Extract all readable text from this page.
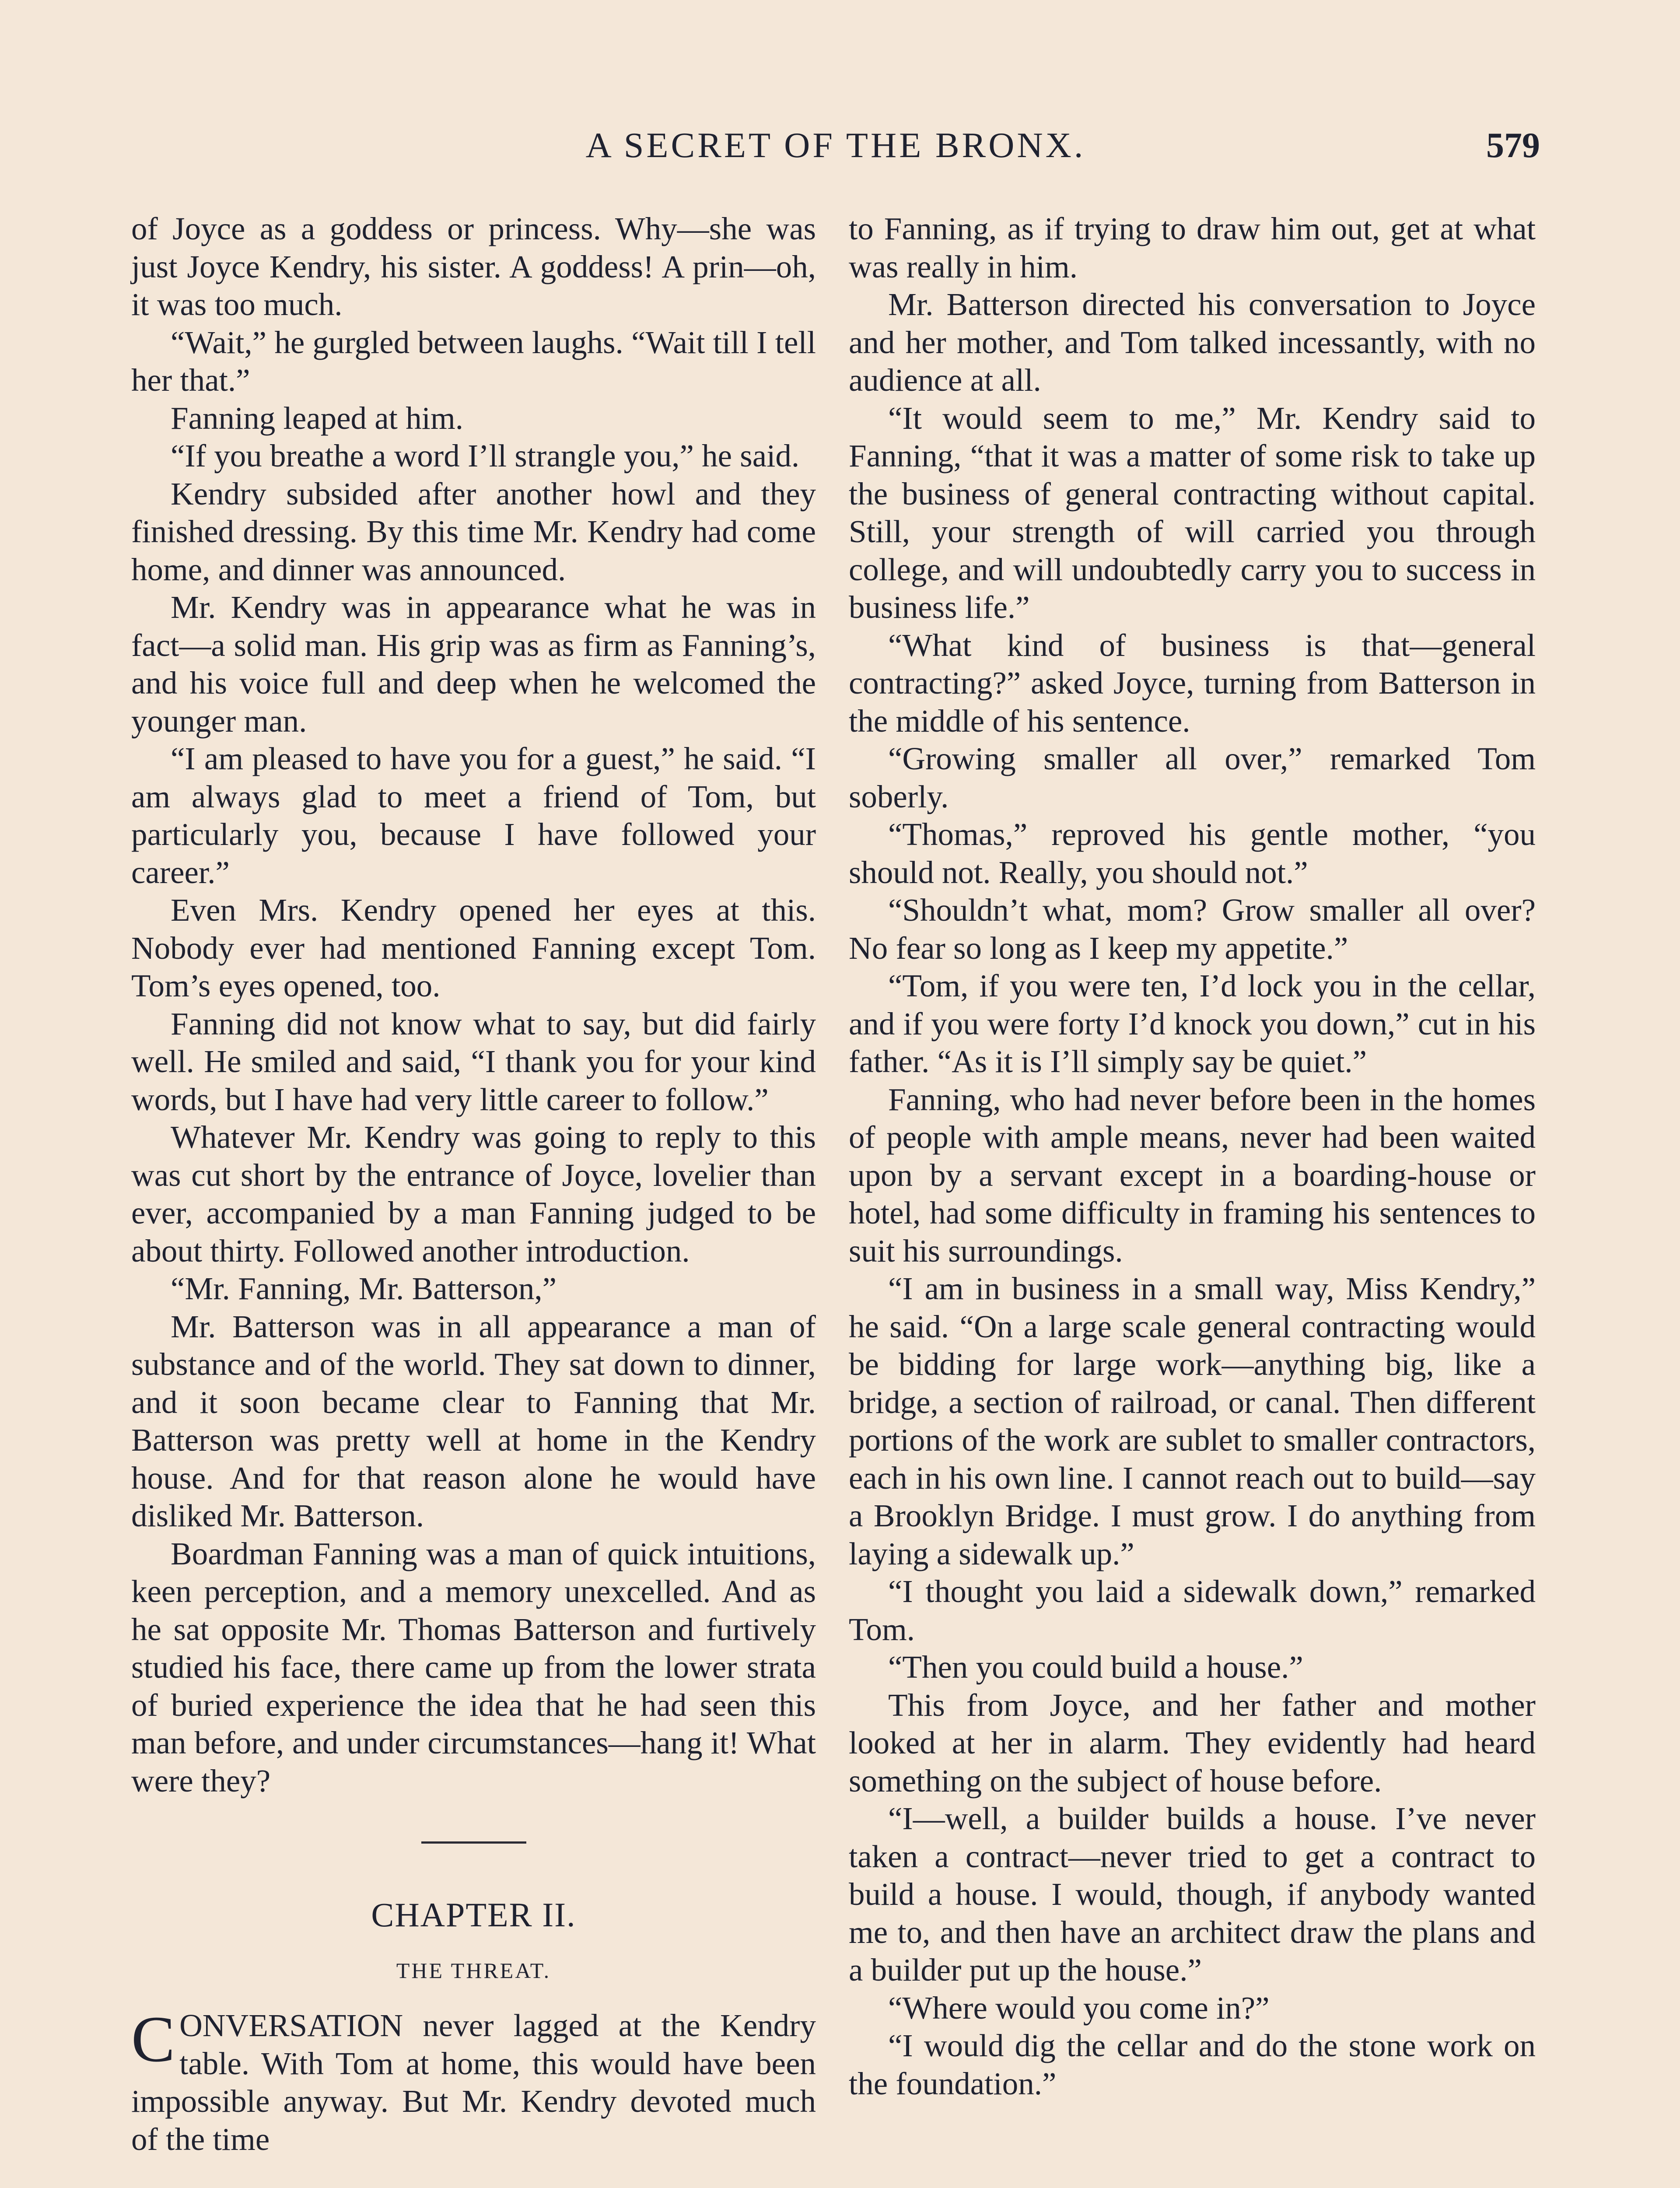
A SECRET OF THE BRONX.	579

of Joyce as a goddess or princess. Why—she was just Joyce Kendry, his sister. A goddess! A prin—oh, it was too much.

“Wait,” he gurgled between laughs. “Wait till I tell her that.”

Fanning leaped at him.

“If you breathe a word I’ll strangle you,” he said.

Kendry subsided after another howl and they finished dressing. By this time Mr. Kendry had come home, and dinner was announced.

Mr. Kendry was in appearance what he was in fact—a solid man. His grip was as firm as Fanning’s, and his voice full and deep when he welcomed the younger man.

“I am pleased to have you for a guest,” he said. “I am always glad to meet a friend of Tom, but particularly you, because I have followed your career.”

Even Mrs. Kendry opened her eyes at this. Nobody ever had mentioned Fanning except Tom. Tom’s eyes opened, too.

Fanning did not know what to say, but did fairly well. He smiled and said, “I thank you for your kind words, but I have had very little career to follow.”

Whatever Mr. Kendry was going to reply to this was cut short by the entrance of Joyce, lovelier than ever, accompanied by a man Fanning judged to be about thirty. Followed another introduction.

“Mr. Fanning, Mr. Batterson,”

Mr. Batterson was in all appearance a man of substance and of the world. They sat down to dinner, and it soon became clear to Fanning that Mr. Batterson was pretty well at home in the Kendry house. And for that reason alone he would have disliked Mr. Batterson.

Boardman Fanning was a man of quick intuitions, keen perception, and a memory unexcelled. And as he sat opposite Mr. Thomas Batterson and furtively studied his face, there came up from the lower strata of buried experience the idea that he had seen this man before, and under circumstances—hang it! What were they?

CHAPTER II.
THE THREAT.

CONVERSATION never lagged at the Kendry table. With Tom at home, this would have been impossible anyway. But Mr. Kendry devoted much of the time

to Fanning, as if trying to draw him out, get at what was really in him.

Mr. Batterson directed his conversation to Joyce and her mother, and Tom talked incessantly, with no audience at all.

“It would seem to me,” Mr. Kendry said to Fanning, “that it was a matter of some risk to take up the business of general contracting without capital. Still, your strength of will carried you through college, and will undoubtedly carry you to success in business life.”

“What kind of business is that—general contracting?” asked Joyce, turning from Batterson in the middle of his sentence.

“Growing smaller all over,” remarked Tom soberly.

“Thomas,” reproved his gentle mother, “you should not. Really, you should not.”

“Shouldn’t what, mom? Grow smaller all over? No fear so long as I keep my appetite.”

“Tom, if you were ten, I’d lock you in the cellar, and if you were forty I’d knock you down,” cut in his father. “As it is I’ll simply say be quiet.”

Fanning, who had never before been in the homes of people with ample means, never had been waited upon by a servant except in a boarding-house or hotel, had some difficulty in framing his sentences to suit his surroundings.

“I am in business in a small way, Miss Kendry,” he said. “On a large scale general contracting would be bidding for large work—anything big, like a bridge, a section of railroad, or canal. Then different portions of the work are sublet to smaller contractors, each in his own line. I cannot reach out to build—say a Brooklyn Bridge. I must grow. I do anything from laying a sidewalk up.”

“I thought you laid a sidewalk down,” remarked Tom.

“Then you could build a house.”

This from Joyce, and her father and mother looked at her in alarm. They evidently had heard something on the subject of house before.

“I—well, a builder builds a house. I’ve never taken a contract—never tried to get a contract to build a house. I would, though, if anybody wanted me to, and then have an architect draw the plans and a builder put up the house.”

“Where would you come in?”

“I would dig the cellar and do the stone work on the foundation.”
